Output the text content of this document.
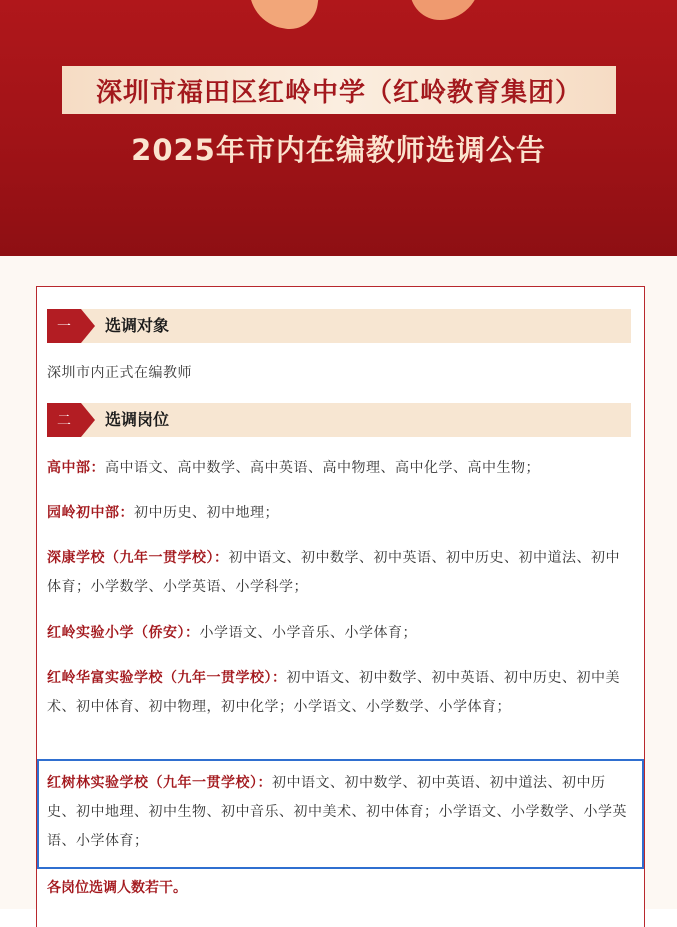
深圳市福田区红岭中学（红岭教育集团）
2025年市内在编教师选调公告
一	选调对象
深圳市内正式在编教师
二	选调岗位
高中部：高中语文、高中数学、高中英语、高中物理、高中化学、高中生物；
园岭初中部：初中历史、初中地理；
深康学校（九年一贯学校）：初中语文、初中数学、初中英语、初中历史、初中道法、初中体育；小学数学、小学英语、小学科学；
红岭实验小学（侨安）：小学语文、小学音乐、小学体育；
红岭华富实验学校（九年一贯学校）：初中语文、初中数学、初中英语、初中历史、初中美术、初中体育、初中物理，初中化学；小学语文、小学数学、小学体育；
红树林实验学校（九年一贯学校）：初中语文、初中数学、初中英语、初中道法、初中历史、初中地理、初中生物、初中音乐、初中美术、初中体育；小学语文、小学数学、小学英语、小学体育；
各岗位选调人数若干。
